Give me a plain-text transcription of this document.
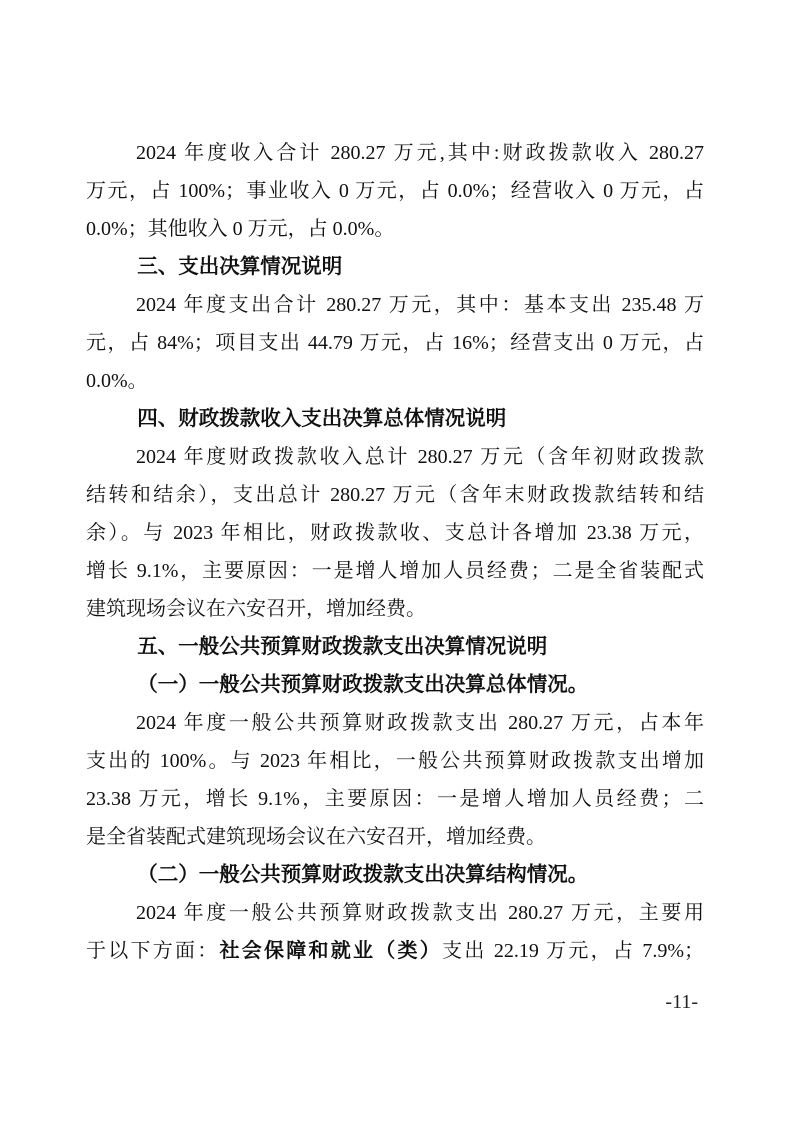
2024 年度收入合计 280.27 万元,其中:财政拨款收入 280.27
万元，占 100%；事业收入 0 万元，占 0.0%；经营收入 0 万元，占
0.0%；其他收入 0 万元，占 0.0%。
三、支出决算情况说明
2024 年度支出合计 280.27 万元，其中：基本支出 235.48 万
元，占 84%；项目支出 44.79 万元，占 16%；经营支出 0 万元，占
0.0%。
四、财政拨款收入支出决算总体情况说明
2024 年度财政拨款收入总计 280.27 万元（含年初财政拨款
结转和结余），支出总计 280.27 万元（含年末财政拨款结转和结
余）。与 2023 年相比，财政拨款收、支总计各增加 23.38 万元，
增长 9.1%，主要原因：一是增人增加人员经费；二是全省装配式
建筑现场会议在六安召开，增加经费。
五、一般公共预算财政拨款支出决算情况说明
（一）一般公共预算财政拨款支出决算总体情况。
2024 年度一般公共预算财政拨款支出 280.27 万元，占本年
支出的 100%。与 2023 年相比，一般公共预算财政拨款支出增加
23.38 万元，增长 9.1%，主要原因：一是增人增加人员经费；二
是全省装配式建筑现场会议在六安召开，增加经费。
（二）一般公共预算财政拨款支出决算结构情况。
2024 年度一般公共预算财政拨款支出 280.27 万元，主要用
于以下方面：社会保障和就业（类）支出 22.19 万元，占 7.9%；
-11-
